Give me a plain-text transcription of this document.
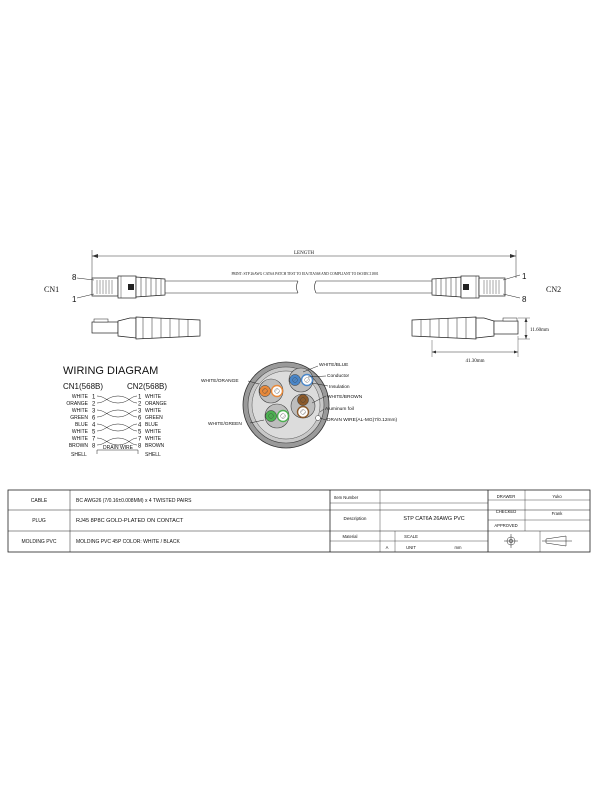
LENGTH
PRINT: STP 26AWG CAT6A PATCH TEST TO EIA/TIA568 AND COMPLIANT TO ISO/IEC11801
8
1
1
8
CN1	CN2
11.60mm
41.30mm
WIRING DIAGRAM
CN1(568B)	CN2(568B)
WHITE 1	1 WHITE
ORANGE 2	2 ORANGE
WHITE 3	3 WHITE
GREEN 6	6 GREEN
BLUE 4	4 BLUE
WHITE 5	5 WHITE
WHITE 7	7 WHITE
BROWN 8	8 BROWN
SHELL
DRAIN WIRE
SHELL
WHITE/BLUE
Conductor
Insulation
WHITE/BROWN
Aluminum foil
DRAIN WIRE(AL-MG)7/0.12mm)
WHITE/ORANGE
WHITE/GREEN
CABLE	BC AWG26 (7/0.16±0.008MM) x 4 TWISTED PAIRS
PLUG	RJ45 8P8C GOLD-PLATED ON CONTACT
MOLDING PVC	MOLDING PVC 45P COLOR: WHITE / BLACK
Item Number
Description	STP CAT6A 26AWG PVC
Material	SCALE
A	UNIT	mm
DRAWER	Yuko
CHECKED	Frank
APPROVED
